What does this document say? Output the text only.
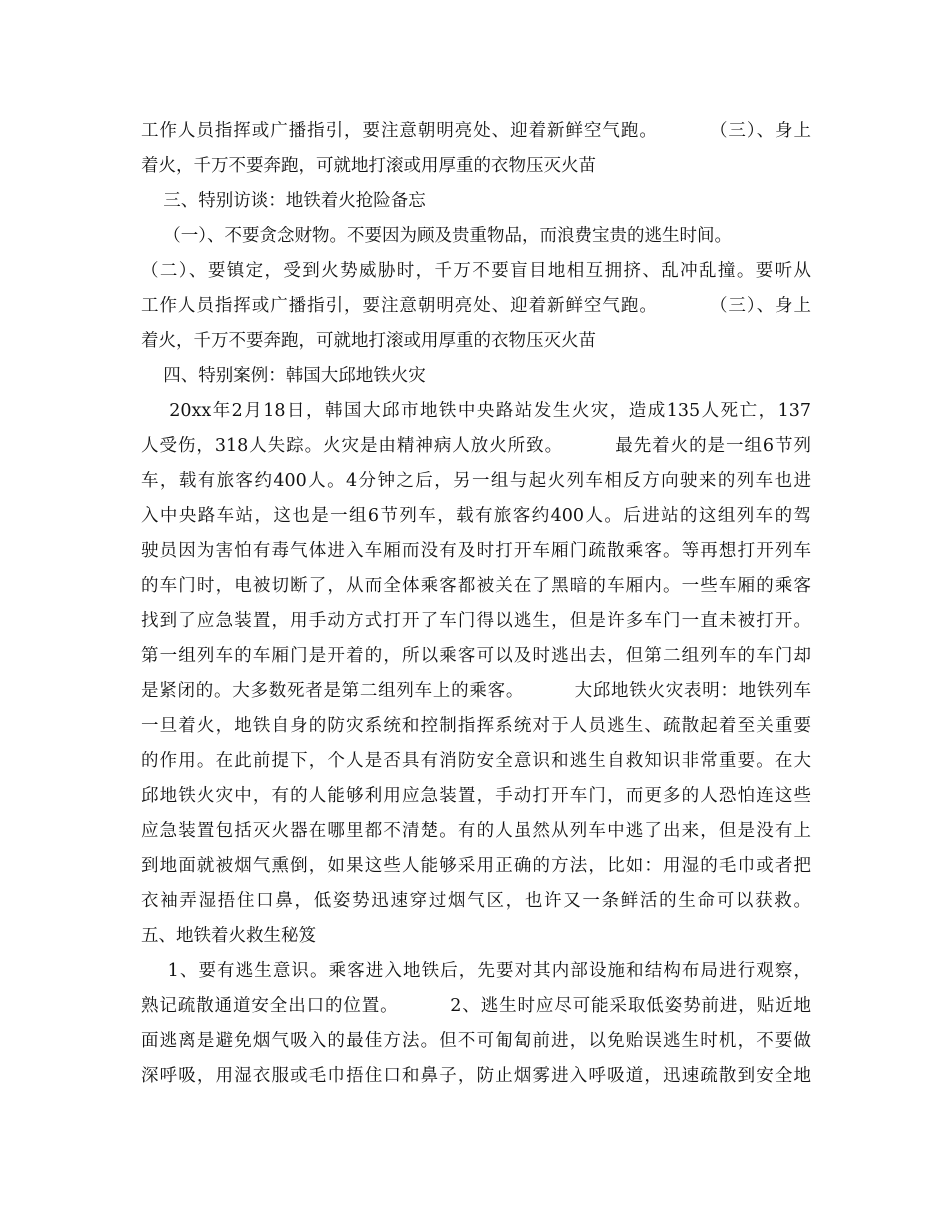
工作人员指挥或广播指引，要注意朝明亮处、迎着新鲜空气跑。        （三）、身上
着火，千万不要奔跑，可就地打滚或用厚重的衣物压灭火苗
三、特别访谈：地铁着火抢险备忘
（一）、不要贪念财物。不要因为顾及贵重物品，而浪费宝贵的逃生时间。
（二）、要镇定，受到火势威胁时，千万不要盲目地相互拥挤、乱冲乱撞。要听从
工作人员指挥或广播指引，要注意朝明亮处、迎着新鲜空气跑。        （三）、身上
着火，千万不要奔跑，可就地打滚或用厚重的衣物压灭火苗
四、特别案例：韩国大邱地铁火灾
20xx年2月18日，韩国大邱市地铁中央路站发生火灾，造成135人死亡，137
人受伤，318人失踪。火灾是由精神病人放火所致。        最先着火的是一组6节列
车，载有旅客约400人。4分钟之后，另一组与起火列车相反方向驶来的列车也进
入中央路车站，这也是一组6节列车，载有旅客约400人。后进站的这组列车的驾
驶员因为害怕有毒气体进入车厢而没有及时打开车厢门疏散乘客。等再想打开列车
的车门时，电被切断了，从而全体乘客都被关在了黑暗的车厢内。一些车厢的乘客
找到了应急装置，用手动方式打开了车门得以逃生，但是许多车门一直未被打开。
第一组列车的车厢门是开着的，所以乘客可以及时逃出去，但第二组列车的车门却
是紧闭的。大多数死者是第二组列车上的乘客。        大邱地铁火灾表明：地铁列车
一旦着火，地铁自身的防灾系统和控制指挥系统对于人员逃生、疏散起着至关重要
的作用。在此前提下，个人是否具有消防安全意识和逃生自救知识非常重要。在大
邱地铁火灾中，有的人能够利用应急装置，手动打开车门，而更多的人恐怕连这些
应急装置包括灭火器在哪里都不清楚。有的人虽然从列车中逃了出来，但是没有上
到地面就被烟气熏倒，如果这些人能够采用正确的方法，比如：用湿的毛巾或者把
衣袖弄湿捂住口鼻，低姿势迅速穿过烟气区，也许又一条鲜活的生命可以获救。
五、地铁着火救生秘笈
1、要有逃生意识。乘客进入地铁后，先要对其内部设施和结构布局进行观察，
熟记疏散通道安全出口的位置。        2、逃生时应尽可能采取低姿势前进，贴近地
面逃离是避免烟气吸入的最佳方法。但不可匍匐前进，以免贻误逃生时机，不要做
深呼吸，用湿衣服或毛巾捂住口和鼻子，防止烟雾进入呼吸道，迅速疏散到安全地
